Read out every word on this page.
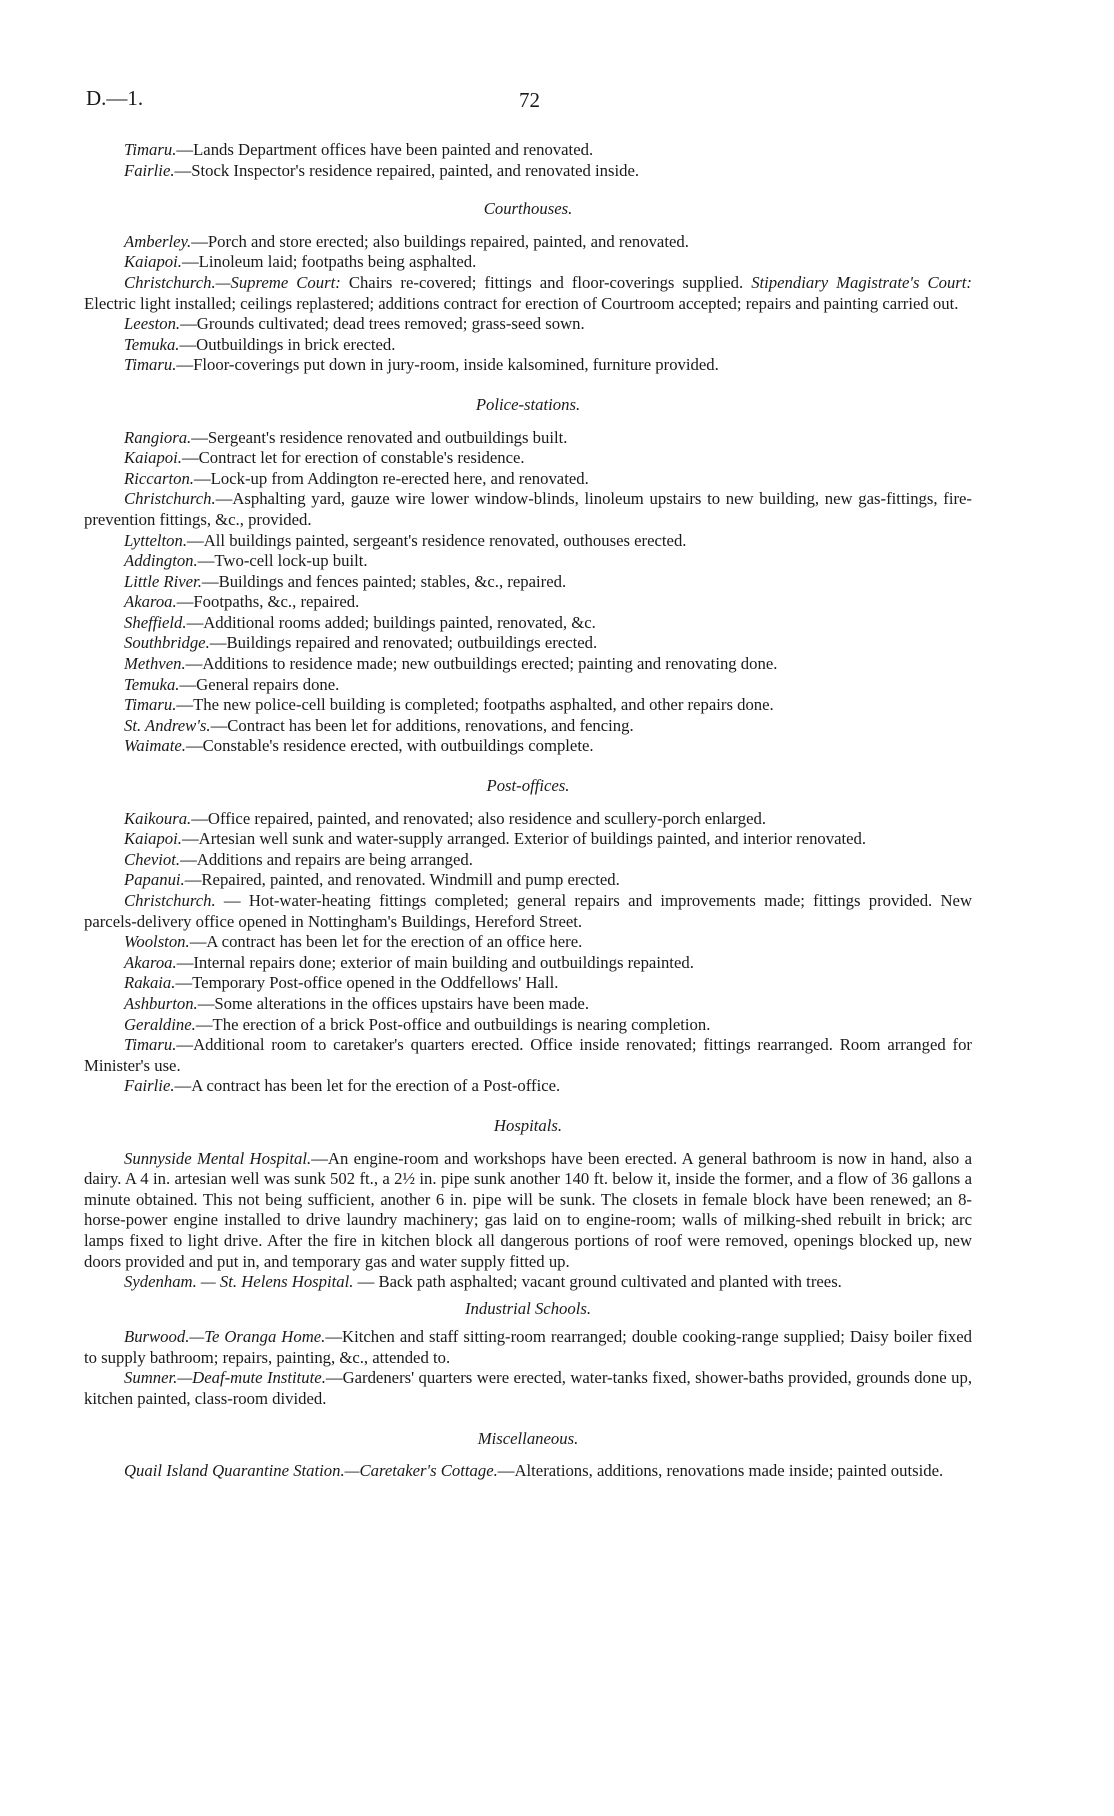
D.—1.	72

Timaru.—Lands Department offices have been painted and renovated.

Fairlie.—Stock Inspector's residence repaired, painted, and renovated inside.

Courthouses.

Amberley.—Porch and store erected; also buildings repaired, painted, and renovated.

Kaiapoi.—Linoleum laid; footpaths being asphalted.

Christchurch.—Supreme Court: Chairs re-covered; fittings and floor-coverings supplied. Stipendiary Magistrate's Court: Electric light installed; ceilings replastered; additions contract for erection of Courtroom accepted; repairs and painting carried out.

Leeston.—Grounds cultivated; dead trees removed; grass-seed sown.

Temuka.—Outbuildings in brick erected.

Timaru.—Floor-coverings put down in jury-room, inside kalsomined, furniture provided.

Police-stations.

Rangiora.—Sergeant's residence renovated and outbuildings built.

Kaiapoi.—Contract let for erection of constable's residence.

Riccarton.—Lock-up from Addington re-erected here, and renovated.

Christchurch.—Asphalting yard, gauze wire lower window-blinds, linoleum upstairs to new building, new gas-fittings, fire-prevention fittings, &c., provided.

Lyttelton.—All buildings painted, sergeant's residence renovated, outhouses erected.

Addington.—Two-cell lock-up built.

Little River.—Buildings and fences painted; stables, &c., repaired.

Akaroa.—Footpaths, &c., repaired.

Sheffield.—Additional rooms added; buildings painted, renovated, &c.

Southbridge.—Buildings repaired and renovated; outbuildings erected.

Methven.—Additions to residence made; new outbuildings erected; painting and renovating done.

Temuka.—General repairs done.

Timaru.—The new police-cell building is completed; footpaths asphalted, and other repairs done.

St. Andrew's.—Contract has been let for additions, renovations, and fencing.

Waimate.—Constable's residence erected, with outbuildings complete.

Post-offices.

Kaikoura.—Office repaired, painted, and renovated; also residence and scullery-porch enlarged.

Kaiapoi.—Artesian well sunk and water-supply arranged. Exterior of buildings painted, and interior renovated.

Cheviot.—Additions and repairs are being arranged.

Papanui.—Repaired, painted, and renovated. Windmill and pump erected.

Christchurch. — Hot-water-heating fittings completed; general repairs and improvements made; fittings provided. New parcels-delivery office opened in Nottingham's Buildings, Hereford Street.

Woolston.—A contract has been let for the erection of an office here.

Akaroa.—Internal repairs done; exterior of main building and outbuildings repainted.

Rakaia.—Temporary Post-office opened in the Oddfellows' Hall.

Ashburton.—Some alterations in the offices upstairs have been made.

Geraldine.—The erection of a brick Post-office and outbuildings is nearing completion.

Timaru.—Additional room to caretaker's quarters erected. Office inside renovated; fittings rearranged. Room arranged for Minister's use.

Fairlie.—A contract has been let for the erection of a Post-office.

Hospitals.

Sunnyside Mental Hospital.—An engine-room and workshops have been erected. A general bathroom is now in hand, also a dairy. A 4 in. artesian well was sunk 502 ft., a 2½ in. pipe sunk another 140 ft. below it, inside the former, and a flow of 36 gallons a minute obtained. This not being sufficient, another 6 in. pipe will be sunk. The closets in female block have been renewed; an 8-horse-power engine installed to drive laundry machinery; gas laid on to engine-room; walls of milking-shed rebuilt in brick; arc lamps fixed to light drive. After the fire in kitchen block all dangerous portions of roof were removed, openings blocked up, new doors provided and put in, and temporary gas and water supply fitted up.

Sydenham. — St. Helens Hospital. — Back path asphalted; vacant ground cultivated and planted with trees.

Industrial Schools.

Burwood.—Te Oranga Home.—Kitchen and staff sitting-room rearranged; double cooking-range supplied; Daisy boiler fixed to supply bathroom; repairs, painting, &c., attended to.

Sumner.—Deaf-mute Institute.—Gardeners' quarters were erected, water-tanks fixed, shower-baths provided, grounds done up, kitchen painted, class-room divided.

Miscellaneous.

Quail Island Quarantine Station.—Caretaker's Cottage.—Alterations, additions, renovations made inside; painted outside.
